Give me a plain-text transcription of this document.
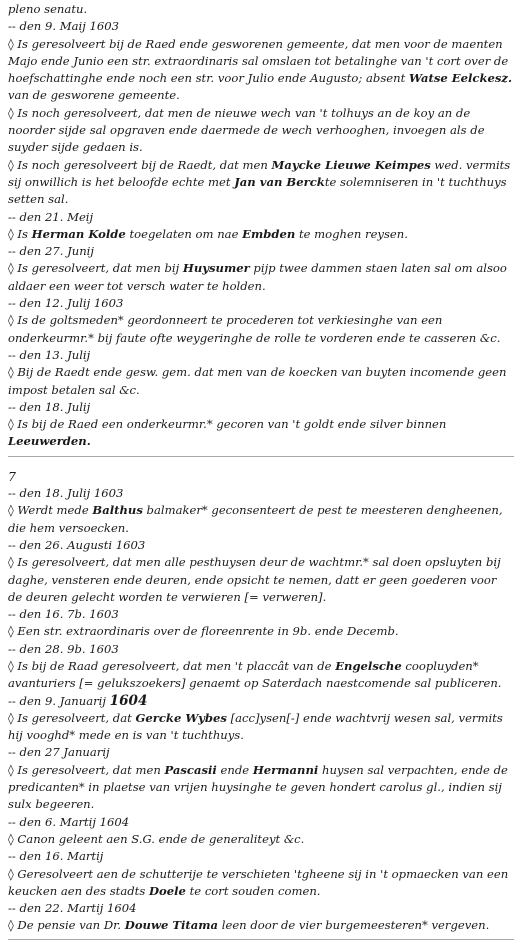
pleno senatu.

-- den 9. Maij 1603

◊ Is geresolveert bij de Raed ende gesworenen gemeente, dat men voor de maenten Majo ende Junio een str. extraordinaris sal omslaen tot betalinghe van 't cort over de hoefschattinghe ende noch een str. voor Julio ende Augusto; absent Watse Eelckesz. van de gesworene gemeente.

◊ Is noch geresolveert, dat men de nieuwe wech van 't tolhuys an de koy an de noorder sijde sal opgraven ende daermede de wech verhooghen, invoegen als de suyder sijde gedaen is.

◊ Is noch geresolveert bij de Raedt, dat men Maycke Lieuwe Keimpes wed. vermits sij onwillich is het beloofde echte met Jan van Berckte solemniseren in 't tuchthuys setten sal.

-- den 21. Meij

◊ Is Herman Kolde toegelaten om nae Embden te moghen reysen.

-- den 27. Junij

◊ Is geresolveert, dat men bij Huysumer pijp twee dammen staen laten sal om alsoo aldaer een weer tot versch water te holden.

-- den 12. Julij 1603

◊ Is de goltsmeden* geordonneert te procederen tot verkiesinghe van een onderkeurmr.* bij faute ofte weygeringhe de rolle te vorderen ende te casseren &c.

-- den 13. Julij

◊ Bij de Raedt ende gesw. gem. dat men van de koecken van buyten incomende geen impost betalen sal &c.

-- den 18. Julij

◊ Is bij de Raed een onderkeurmr.* gecoren van 't goldt ende silver binnen Leeuwerden.

7

-- den 18. Julij 1603

◊ Werdt mede Balthus balmaker* geconsenteert de pest te meesteren dengheenen, die hem versoecken.

-- den 26. Augusti 1603

◊ Is geresolveert, dat men alle pesthuysen deur de wachtmr.* sal doen opsluyten bij daghe, vensteren ende deuren, ende opsicht te nemen, datt er geen goederen voor de deuren gelecht worden te verwieren [= verweren].

-- den 16. 7b. 1603

◊ Een str. extraordinaris over de floreenrente in 9b. ende Decemb.

-- den 28. 9b. 1603

◊ Is bij de Raad geresolveert, dat men 't placcât van de Engelsche coopluyden* avanturiers [= gelukszoekers] genaemt op Saterdach naestcomende sal publiceren.

-- den 9. Januarij 1604

◊ Is geresolveert, dat Gercke Wybes [acc]ysen[-] ende wachtvrij wesen sal, vermits hij vooghd* mede en is van 't tuchthuys.

-- den 27 Januarij

◊ Is geresolveert, dat men Pascasii ende Hermanni huysen sal verpachten, ende de predicanten* in plaetse van vrijen huysinghe te geven hondert carolus gl., indien sij sulx begeeren.

-- den 6. Martij 1604

◊ Canon geleent aen S.G. ende de generaliteyt &c.

-- den 16. Martij

◊ Geresolveert aen de schutterije te verschieten 'tgheene sij in 't opmaecken van een keucken aen des stadts Doele te cort souden comen.

-- den 22. Martij 1604

◊ De pensie van Dr. Douwe Titama leen door de vier burgemeesteren* vergeven.
